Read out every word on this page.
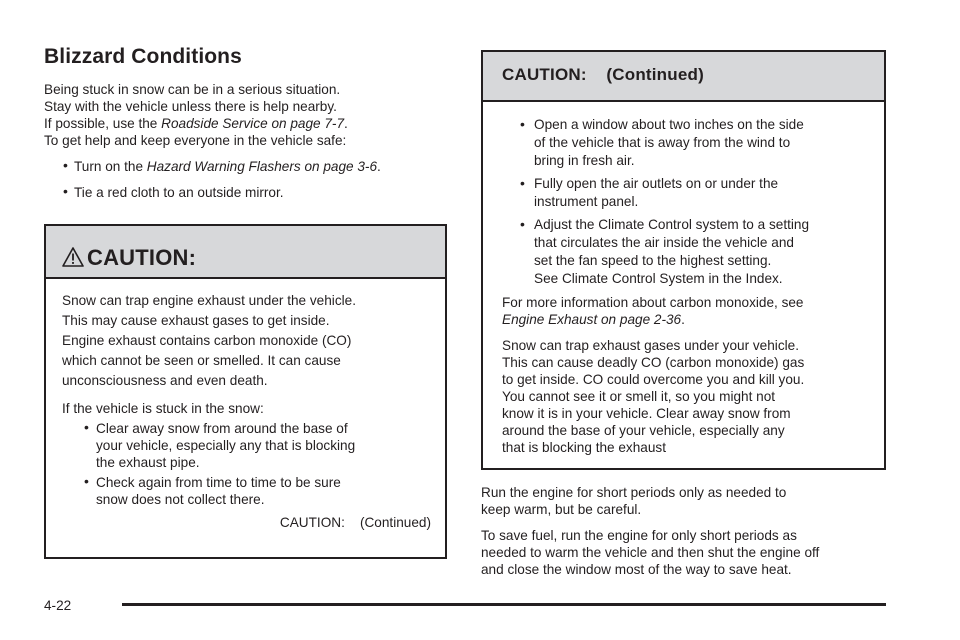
Blizzard Conditions
Being stuck in snow can be in a serious situation.
Stay with the vehicle unless there is help nearby.
If possible, use the Roadside Service on page 7-7.
To get help and keep everyone in the vehicle safe:
• Turn on the Hazard Warning Flashers on page 3-6.
• Tie a red cloth to an outside mirror.
CAUTION:
Snow can trap engine exhaust under the vehicle.
This may cause exhaust gases to get inside.
Engine exhaust contains carbon monoxide (CO)
which cannot be seen or smelled. It can cause
unconsciousness and even death.
If the vehicle is stuck in the snow:
• Clear away snow from around the base of
your vehicle, especially any that is blocking
the exhaust pipe.
• Check again from time to time to be sure
snow does not collect there.
CAUTION:    (Continued)
CAUTION:    (Continued)
• Open a window about two inches on the side
of the vehicle that is away from the wind to
bring in fresh air.
• Fully open the air outlets on or under the
instrument panel.
• Adjust the Climate Control system to a setting
that circulates the air inside the vehicle and
set the fan speed to the highest setting.
See Climate Control System in the Index.
For more information about carbon monoxide, see
Engine Exhaust on page 2-36.
Snow can trap exhaust gases under your vehicle.
This can cause deadly CO (carbon monoxide) gas
to get inside. CO could overcome you and kill you.
You cannot see it or smell it, so you might not
know it is in your vehicle. Clear away snow from
around the base of your vehicle, especially any
that is blocking the exhaust
Run the engine for short periods only as needed to
keep warm, but be careful.
To save fuel, run the engine for only short periods as
needed to warm the vehicle and then shut the engine off
and close the window most of the way to save heat.
4-22
